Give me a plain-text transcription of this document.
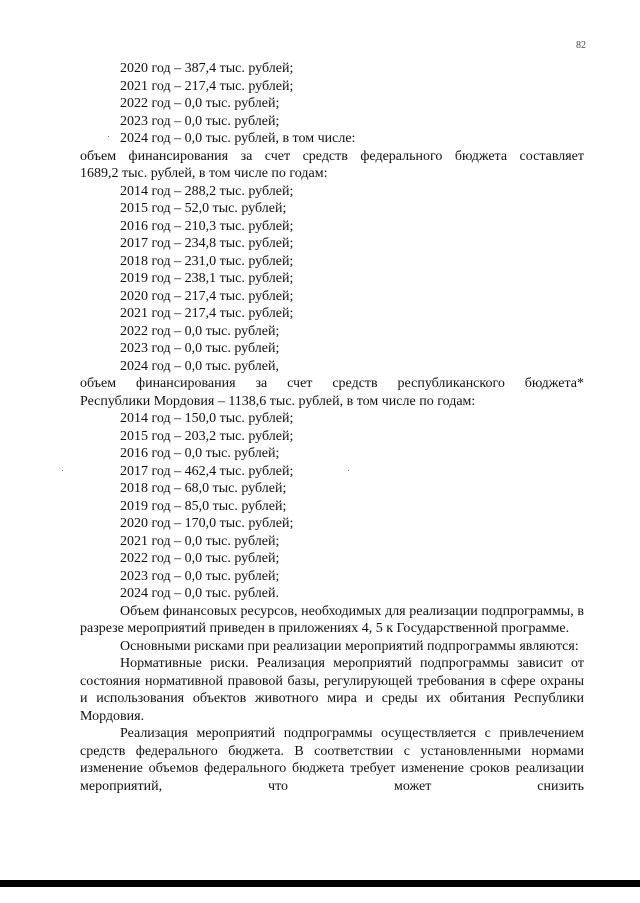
82
2020 год – 387,4 тыс. рублей;
2021 год – 217,4 тыс. рублей;
2022 год – 0,0 тыс. рублей;
2023 год – 0,0 тыс. рублей;
2024 год – 0,0 тыс. рублей, в том числе:

объем финансирования за счет средств федерального бюджета составляет

1689,2 тыс. рублей, в том числе по годам:

2014 год – 288,2 тыс. рублей;
2015 год – 52,0 тыс. рублей;
2016 год – 210,3 тыс. рублей;
2017 год – 234,8 тыс. рублей;
2018 год – 231,0 тыс. рублей;
2019 год – 238,1 тыс. рублей;
2020 год – 217,4 тыс. рублей;
2021 год – 217,4 тыс. рублей;
2022 год – 0,0 тыс. рублей;
2023 год – 0,0 тыс. рублей;
2024 год – 0,0 тыс. рублей,

объем финансирования за счет средств республиканского бюджета*

Республики Мордовия – 1138,6 тыс. рублей, в том числе по годам:

2014 год – 150,0 тыс. рублей;
2015 год – 203,2 тыс. рублей;
2016 год – 0,0 тыс. рублей;
2017 год – 462,4 тыс. рублей;
2018 год – 68,0 тыс. рублей;
2019 год – 85,0 тыс. рублей;
2020 год – 170,0 тыс. рублей;
2021 год – 0,0 тыс. рублей;
2022 год – 0,0 тыс. рублей;
2023 год – 0,0 тыс. рублей;
2024 год – 0,0 тыс. рублей.

Объем финансовых ресурсов, необходимых для реализации подпрограммы, в разрезе мероприятий приведен в приложениях 4, 5 к Государственной программе.

Основными рисками при реализации мероприятий подпрограммы являются:

Нормативные риски. Реализация мероприятий подпрограммы зависит от состояния нормативной правовой базы, регулирующей требования в сфере охраны и использования объектов животного мира и среды их обитания Республики Мордовия.

Реализация мероприятий подпрограммы осуществляется с привлечением средств федерального бюджета. В соответствии с установленными нормами изменение объемов федерального бюджета требует изменение сроков реализации мероприятий, что может снизить
